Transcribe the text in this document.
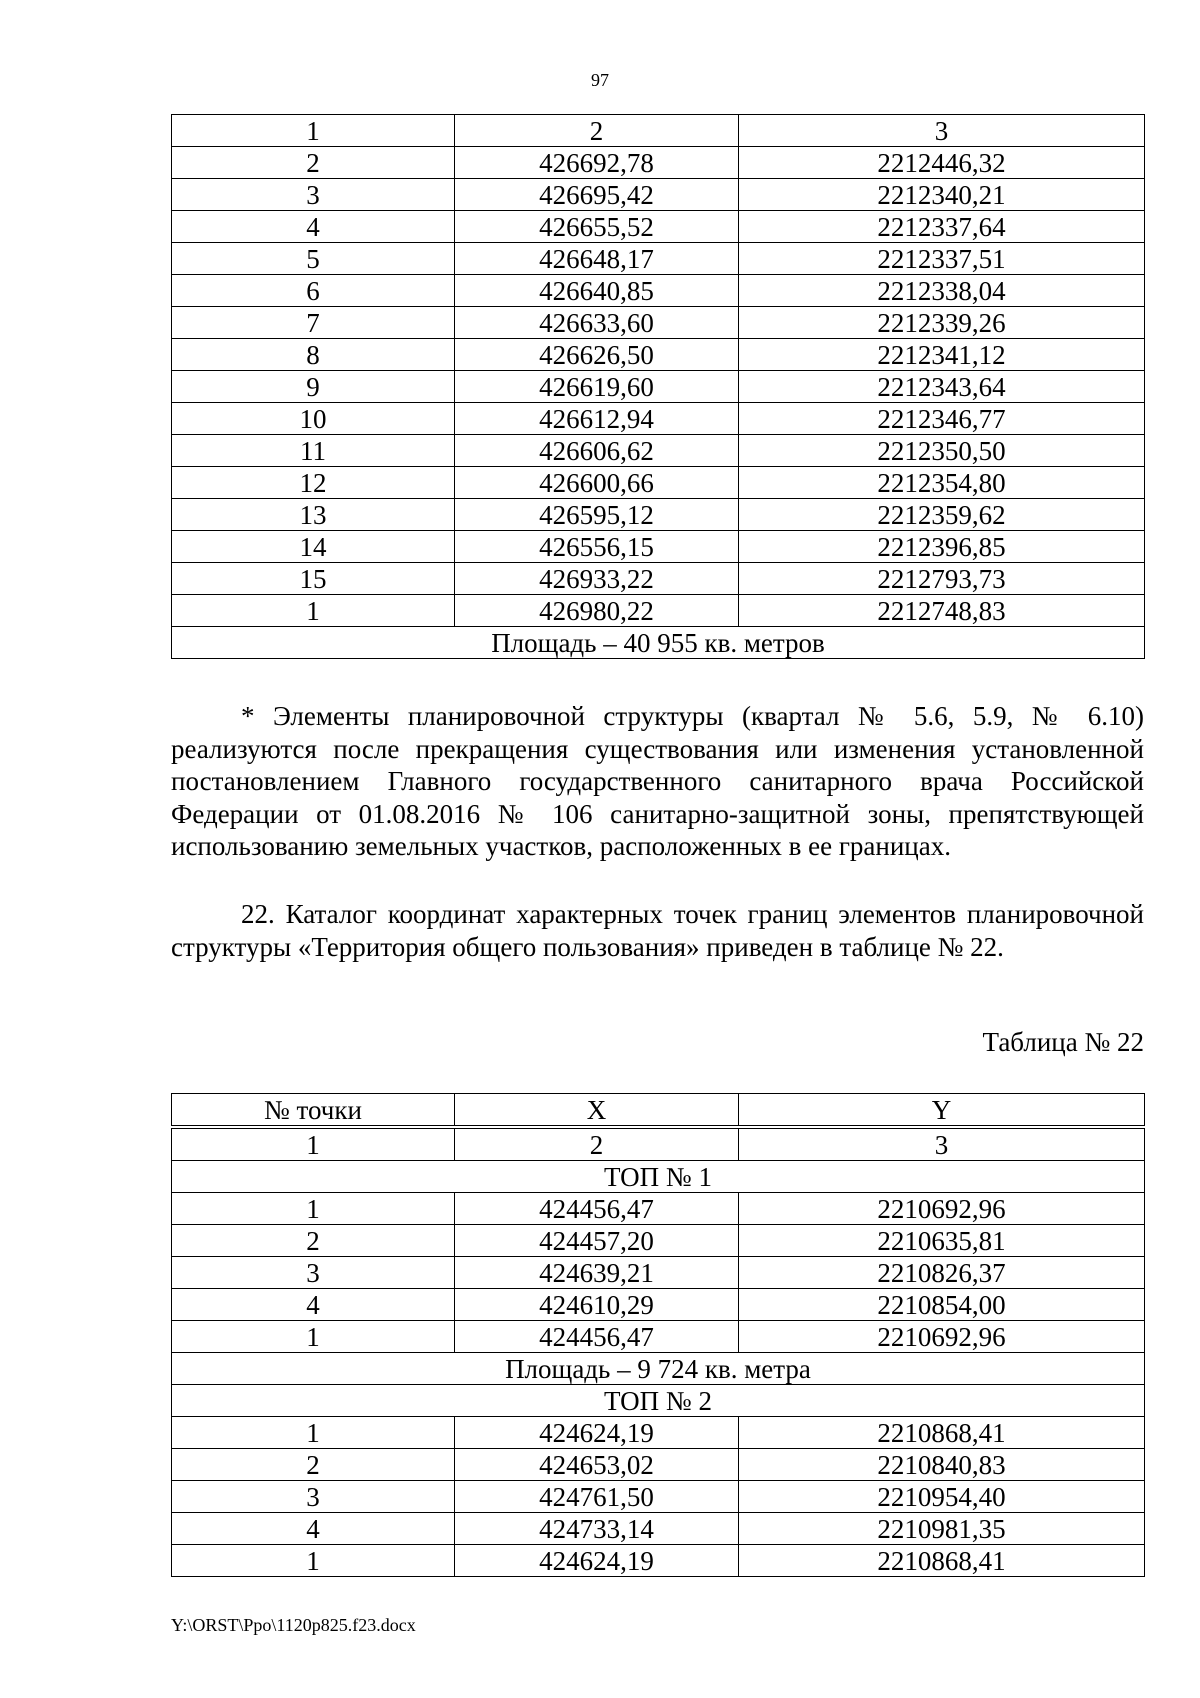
97
1	2	3
2	426692,78	2212446,32
3	426695,42	2212340,21
4	426655,52	2212337,64
5	426648,17	2212337,51
6	426640,85	2212338,04
7	426633,60	2212339,26
8	426626,50	2212341,12
9	426619,60	2212343,64
10	426612,94	2212346,77
11	426606,62	2212350,50
12	426600,66	2212354,80
13	426595,12	2212359,62
14	426556,15	2212396,85
15	426933,22	2212793,73
1	426980,22	2212748,83
Площадь – 40 955 кв. метров		
* Элементы планировочной структуры (квартал № 5.6, 5.9, № 6.10) реализуются после прекращения существования или изменения установленной постановлением Главного государственного санитарного врача Российской Федерации от 01.08.2016 № 106 санитарно-защитной зоны, препятствующей использованию земельных участков, расположенных в ее границах.
22. Каталог координат характерных точек границ элементов планировочной структуры «Территория общего пользования» приведен в таблице № 22.
Таблица № 22
№ точки	X	Y
1	2	3
ТОП № 1		
1	424456,47	2210692,96
2	424457,20	2210635,81
3	424639,21	2210826,37
4	424610,29	2210854,00
1	424456,47	2210692,96
Площадь – 9 724 кв. метра		
ТОП № 2		
1	424624,19	2210868,41
2	424653,02	2210840,83
3	424761,50	2210954,40
4	424733,14	2210981,35
1	424624,19	2210868,41
Y:\ORST\Ppo\1120p825.f23.docx
